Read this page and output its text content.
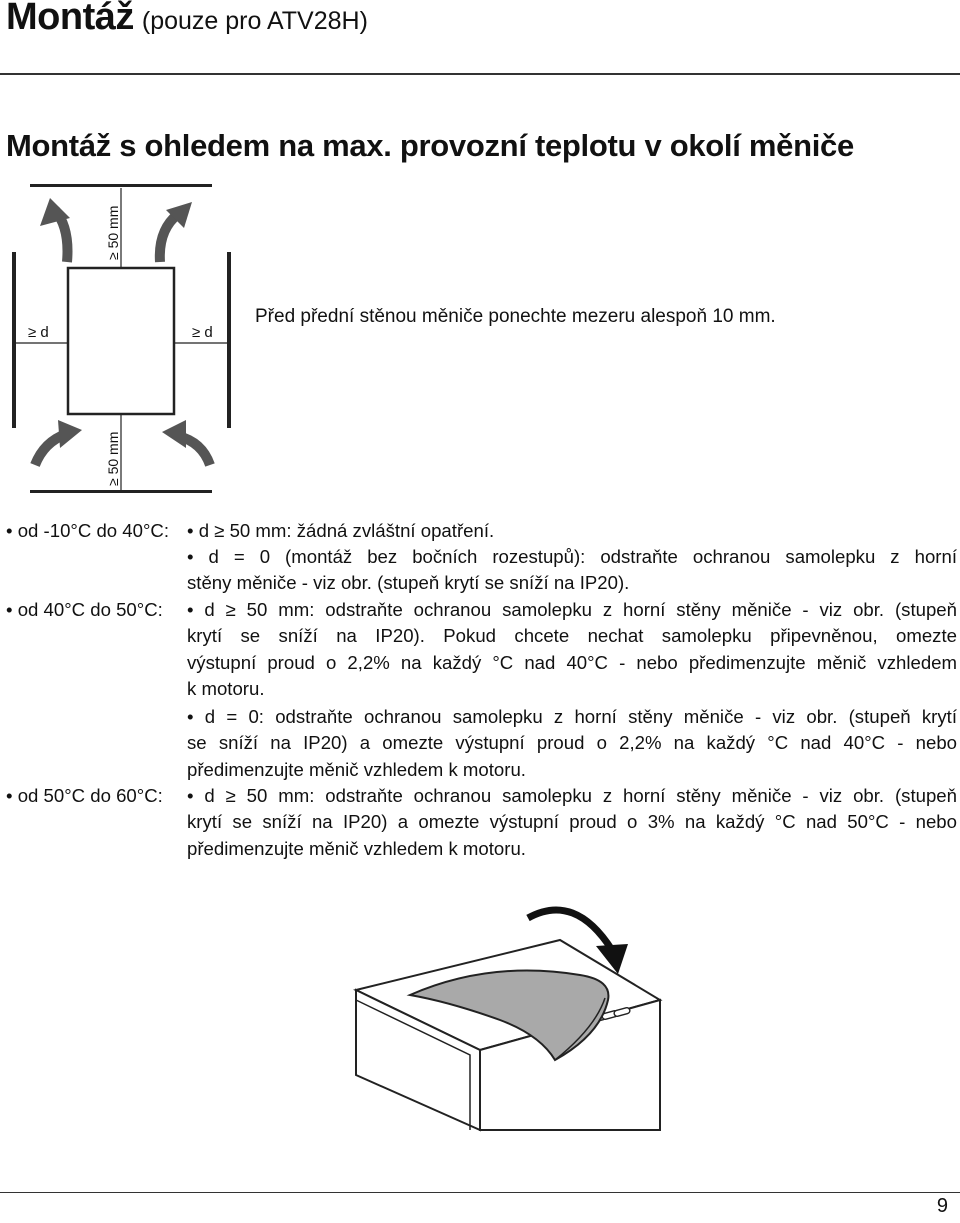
Montáž (pouze pro ATV28H)
Montáž s ohledem na max. provozní teplotu v okolí měniče
≥ 50 mm
≥ 50 mm
≥ d	≥ d
Před přední stěnou měniče ponechte mezeru alespoň 10 mm.
• od -10°C do 40°C:
• od 40°C do 50°C:
• od 50°C do 60°C:
• d ≥ 50 mm: žádná zvláštní opatření.
• d = 0 (montáž bez bočních rozestupů): odstraňte ochranou samolepku z horní
stěny měniče - viz obr. (stupeň krytí se sníží na IP20).
• d ≥ 50 mm: odstraňte ochranou samolepku z horní stěny měniče - viz obr. (stupeň
krytí se sníží na IP20). Pokud chcete nechat samolepku připevněnou, omezte
výstupní proud o 2,2% na každý °C nad 40°C - nebo předimenzujte měnič vzhledem
k motoru.
• d = 0: odstraňte ochranou samolepku z horní stěny měniče - viz obr. (stupeň krytí
se sníží na IP20) a omezte výstupní proud o 2,2% na každý °C nad 40°C - nebo
předimenzujte měnič vzhledem k motoru.
• d ≥ 50 mm: odstraňte ochranou samolepku z horní stěny měniče - viz obr. (stupeň
krytí se sníží na IP20) a omezte výstupní proud o 3% na každý °C nad 50°C - nebo
předimenzujte měnič vzhledem k motoru.
9
